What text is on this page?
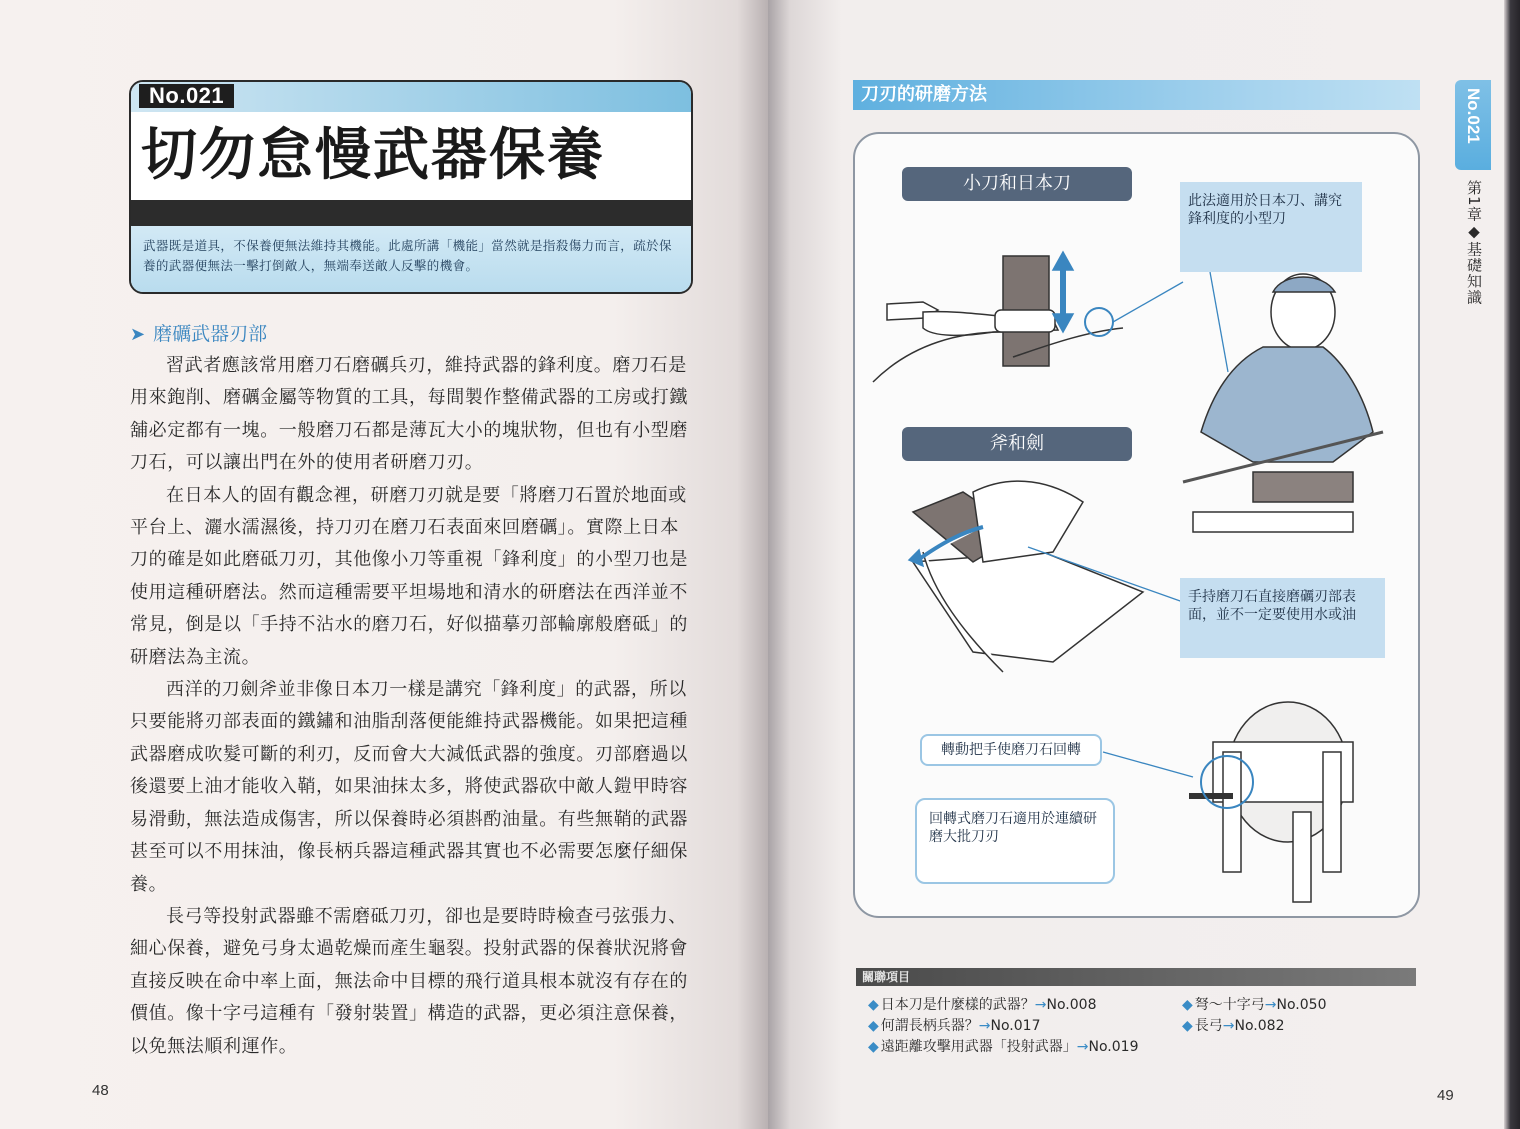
No.021
切勿怠慢武器保養
武器既是道具，不保養便無法維持其機能。此處所講「機能」當然就是指殺傷力而言，疏於保養的武器便無法一擊打倒敵人，無端奉送敵人反擊的機會。
➤ 磨礪武器刃部

習武者應該常用磨刀石磨礪兵刃，維持武器的鋒利度。磨刀石是用來鉋削、磨礪金屬等物質的工具，每間製作整備武器的工房或打鐵舖必定都有一塊。一般磨刀石都是薄瓦大小的塊狀物，但也有小型磨刀石，可以讓出門在外的使用者研磨刀刃。

在日本人的固有觀念裡，研磨刀刃就是要「將磨刀石置於地面或平台上、灑水濡濕後，持刀刃在磨刀石表面來回磨礪」。實際上日本刀的確是如此磨砥刀刃，其他像小刀等重視「鋒利度」的小型刀也是使用這種研磨法。然而這種需要平坦場地和清水的研磨法在西洋並不常見，倒是以「手持不沾水的磨刀石，好似描摹刃部輪廓般磨砥」的研磨法為主流。

西洋的刀劍斧並非像日本刀一樣是講究「鋒利度」的武器，所以只要能將刃部表面的鐵鏽和油脂刮落便能維持武器機能。如果把這種武器磨成吹髮可斷的利刃，反而會大大減低武器的強度。刃部磨過以後還要上油才能收入鞘，如果油抹太多，將使武器砍中敵人鎧甲時容易滑動，無法造成傷害，所以保養時必須斟酌油量。有些無鞘的武器甚至可以不用抹油，像長柄兵器這種武器其實也不必需要怎麼仔細保養。

長弓等投射武器雖不需磨砥刀刃，卻也是要時時檢查弓弦張力、細心保養，避免弓身太過乾燥而產生龜裂。投射武器的保養狀況將會直接反映在命中率上面，無法命中目標的飛行道具根本就沒有存在的價值。像十字弓這種有「發射裝置」構造的武器，更必須注意保養，以免無法順利運作。

48
刀刃的研磨方法
小刀和日本刀
斧和劍
此法適用於日本刀、講究鋒利度的小型刀
手持磨刀石直接磨礪刃部表面，並不一定要使用水或油
轉動把手使磨刀石回轉
回轉式磨刀石適用於連續研磨大批刀刃
關聯項目
◆ 日本刀是什麼樣的武器？→No.008
◆ 何謂長柄兵器？→No.017
◆ 遠距離攻擊用武器「投射武器」→No.019
◆ 弩～十字弓→No.050
◆ 長弓→No.082
No.021
第1章◆基礎知識
49
